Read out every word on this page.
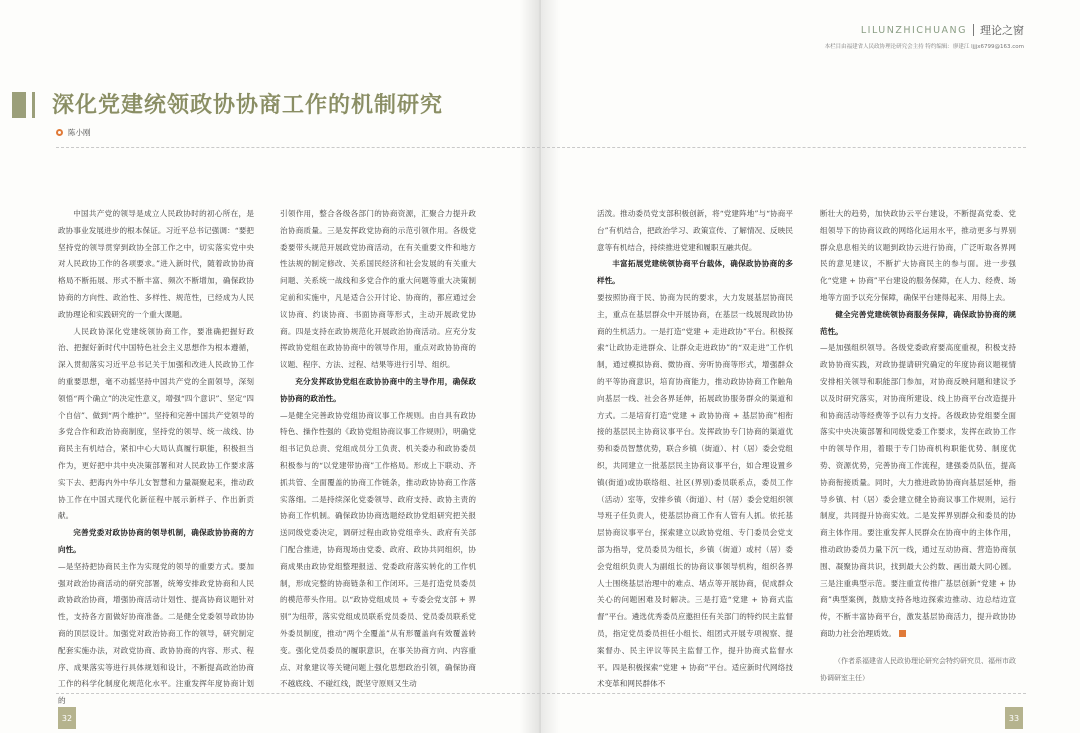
LILUNZHICHUANG 理论之窗
本栏目由福建省人民政协理论研究会主持 特约编辑：廖建江 ljjjx6799@163.com
深化党建统领政协协商工作的机制研究
陈小刚

中国共产党的领导是成立人民政协时的初心所在，是政协事业发展进步的根本保证。习近平总书记强调：“要把坚持党的领导贯穿到政协全部工作之中，切实落实党中央对人民政协工作的各项要求。”进入新时代，随着政协协商格局不断拓展、形式不断丰富、频次不断增加，确保政协协商的方向性、政治性、多样性、规范性，已经成为人民政协理论和实践研究的一个重大课题。

人民政协深化党建统领协商工作，要准确把握好政治、把握好新时代中国特色社会主义思想作为根本遵循，深入贯彻落实习近平总书记关于加强和改进人民政协工作的重要思想，毫不动摇坚持中国共产党的全面领导，深刻领悟“两个确立”的决定性意义，增强“四个意识”、坚定“四个自信”、做到“两个维护”。坚持和完善中国共产党领导的多党合作和政治协商制度，坚持党的领导、统一战线、协商民主有机结合，紧扣中心大局认真履行职能，积极担当作为，更好把中共中央决策部署和对人民政协工作要求落实下去、把海内外中华儿女智慧和力量凝聚起来，推动政协工作在中国式现代化新征程中展示新样子、作出新贡献。

完善党委对政协协商的领导机制，确保政协协商的方向性。

—是坚持把协商民主作为实现党的领导的重要方式。要加强对政治协商活动的研究部署，统筹安排政党协商和人民政协政治协商，增强协商活动计划性、提高协商议题针对性，支持各方面做好协商准备。二是健全党委领导政协协商的顶层设计。加强党对政治协商工作的领导，研究制定配套实施办法，对政党协商、政协协商的内容、形式、程序、成果落实等进行具体规划和设计，不断提高政治协商工作的科学化制度化规范化水平。注重发挥年度协商计划的

引领作用，整合各级各部门的协商资源，汇聚合力提升政治协商质量。三是发挥政党协商的示范引领作用。各级党委要带头规范开展政党协商活动，在有关重要文件和地方性法规的制定修改、关系国民经济和社会发展的有关重大问题、关系统一战线和多党合作的重大问题等重大决策制定前和实施中，凡是适合公开讨论、协商的，都应通过会议协商、约谈协商、书面协商等形式，主动开展政党协商。四是支持在政协规范化开展政治协商活动。应充分发挥政协党组在政协协商中的领导作用，重点对政协协商的议题、程序、方法、过程、结果等进行引导、组织。

充分发挥政协党组在政协协商中的主导作用，确保政协协商的政治性。

—是健全完善政协党组协商议事工作规则。由自具有政协特色、操作性强的《政协党组协商议事工作规则》，明确党组书记负总责、党组成员分工负责、机关委办和政协委员积极参与的“以党建带协商”工作格局。形成上下联动、齐抓共管、全面覆盖的协商工作链条，推动政协协商工作落实落细。二是持续深化党委领导、政府支持、政协主责的协商工作机制。确保政协协商选题经政协党组研究把关报送同级党委决定，调研过程由政协党组牵头、政府有关部门配合推进，协商现场由党委、政府、政协共同组织，协商成果由政协党组整理报送、党委政府落实转化的工作机制，形成完整的协商链条和工作闭环。三是打造党员委员的模范带头作用。以“政协党组成员 + 专委会党支部 + 界别”为纽带，落实党组成员联系党员委员、党员委员联系党外委员制度，推动“两个全覆盖”从有形覆盖向有效覆盖转变。强化党员委员的履职意识，在事关协商方向、内容重点、对象建议等关键问题上强化思想政治引领，确保协商不越底线、不碰红线，既坚守原则又生动

活泼。推动委员党支部积极创新，将“党建阵地”与“协商平台”有机结合，把政治学习、政策宣传、了解情况、反映民意等有机结合，持续推进党建和履职互融共促。

丰富拓展党建统领协商平台载体，确保政协协商的多样性。

要按照协商于民、协商为民的要求，大力发展基层协商民主，重点在基层群众中开展协商，在基层一线展现政协协商的生机活力。一是打造“党建 + 走进政协”平台。积极探索“让政协走进群众、让群众走进政协”的“双走进”工作机制，通过模拟协商、微协商、旁听协商等形式，增强群众的平等协商意识，培育协商能力，推动政协协商工作触角向基层一线、社会各界延伸，拓展政协服务群众的渠道和方式。二是培育打造“党建 + 政协协商 + 基层协商”相衔接的基层民主协商议事平台。发挥政协专门协商的渠道优势和委员智慧优势，联合乡镇（街道）、村（居）委会党组织，共同建立一批基层民主协商议事平台，如合理设置乡镇(街道)或协联络组、社区(界别)委员联系点，委员工作（活动）室等，安排乡镇（街道）、村（居）委会党组织领导班子任负责人，使基层协商工作有人管有人抓。依托基层协商议事平台，探索建立以政协党组、专门委员会党支部为指导，党员委员为组长，乡镇（街道）或村（居）委会党组织负责人为副组长的协商议事领导机构，组织各界人士围绕基层治理中的难点、堵点等开展协商，促成群众关心的问题困难及时解决。三是打造“党建 + 协商式监督”平台。遴选优秀委员应邀担任有关部门的特约民主监督员，指定党员委员担任小组长、组团式开展专项视察、提案督办、民主评议等民主监督工作，提升协商式监督水平。四是积极探索“党建 + 协商”平台。适应新时代网络技术变革和网民群体不

断壮大的趋势，加快政协云平台建设，不断提高党委、党组领导下的协商议政的网络化运用水平，推动更多与界别群众息息相关的议题到政协云进行协商，广泛听取各界网民的意见建议，不断扩大协商民主的参与面。进一步强化“党建 + 协商”平台建设的服务保障，在人力、经费、场地等方面予以充分保障，确保平台建得起来、用得上去。

健全完善党建统领协商服务保障，确保政协协商的规范性。

—是加强组织领导。各级党委政府要高度重视，积极支持政协协商实践，对政协提请研究确定的年度协商议题视情安排相关领导和职能部门参加，对协商反映问题和建议予以及时研究落实，对协商所建设、线上协商平台改造提升和协商活动等经费等予以有力支持。各级政协党组要全面落实中央决策部署和同级党委工作要求，发挥在政协工作中的领导作用，着眼于专门协商机构职能优势、制度优势、资源优势，完善协商工作流程，建强委员队伍，提高协商衔接质量。同时，大力推进政协协商向基层延伸，指导乡镇、村（居）委会建立健全协商议事工作规则，运行制度，共同提升协商实效。二是发挥界别群众和委员的协商主体作用。要注重发挥人民群众在协商中的主体作用，推动政协委员力量下沉一线，通过互动协商、营造协商氛围、凝聚协商共识，找到最大公约数、画出最大同心圆。三是注重典型示范。要注重宣传推广基层创新“党建 + 协商”典型案例，鼓励支持各地边探索边推动、边总结边宣传，不断丰富协商平台，激发基层协商活力，提升政协协商助力社会治理质效。

（作者系福建省人民政协理论研究会特约研究员、福州市政协调研室主任）

32	33
